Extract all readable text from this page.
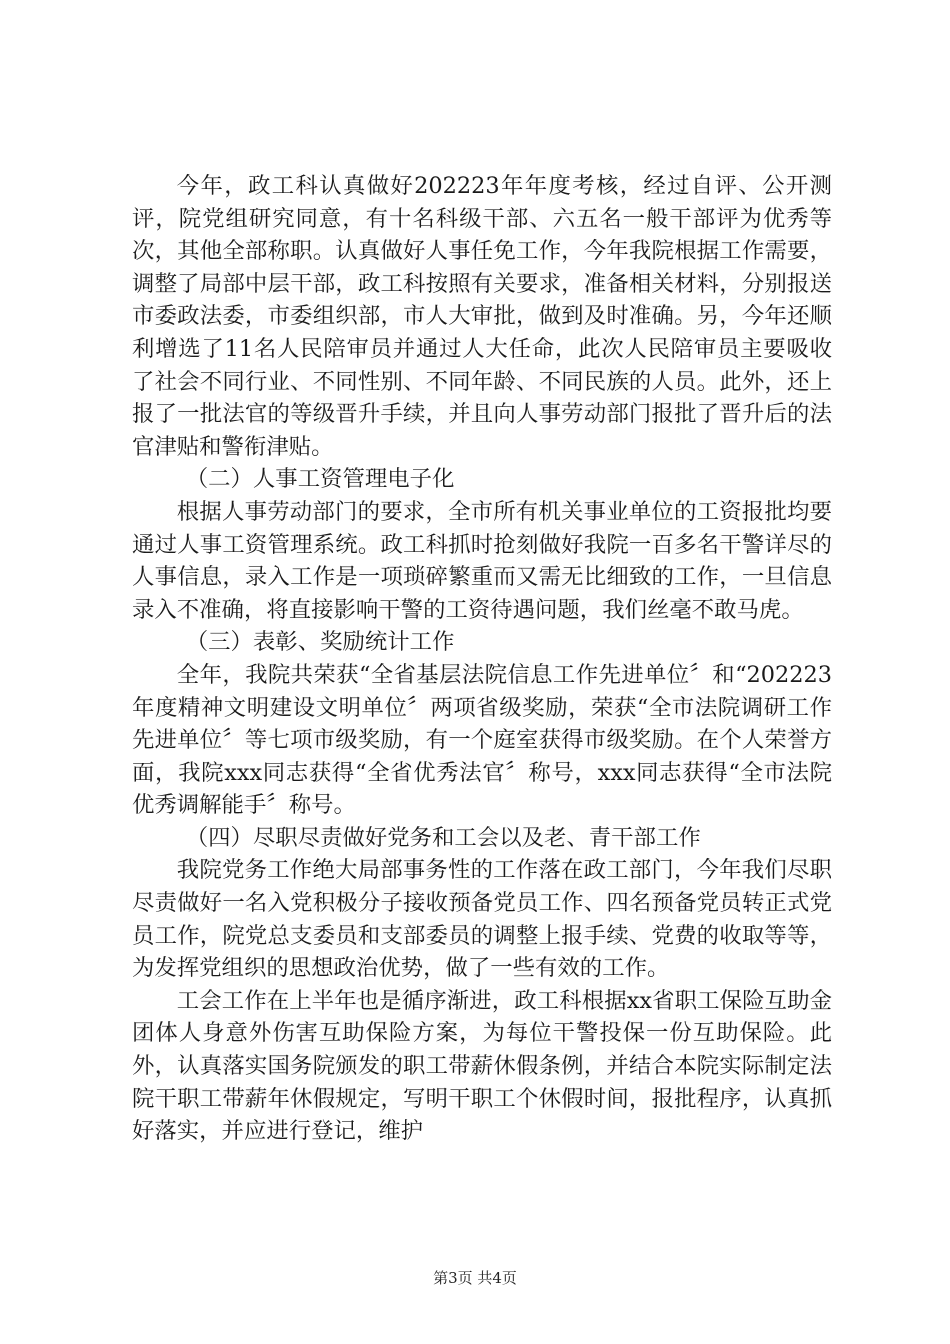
今年，政工科认真做好202223年年度考核，经过自评、公开测评，院党组研究同意，有十名科级干部、六五名一般干部评为优秀等次，其他全部称职。认真做好人事任免工作，今年我院根据工作需要，调整了局部中层干部，政工科按照有关要求，准备相关材料，分别报送市委政法委，市委组织部，市人大审批，做到及时准确。另，今年还顺利增选了11名人民陪审员并通过人大任命，此次人民陪审员主要吸收了社会不同行业、不同性别、不同年龄、不同民族的人员。此外，还上报了一批法官的等级晋升手续，并且向人事劳动部门报批了晋升后的法官津贴和警衔津贴。

（二）人事工资管理电子化

根据人事劳动部门的要求，全市所有机关事业单位的工资报批均要通过人事工资管理系统。政工科抓时抢刻做好我院一百多名干警详尽的人事信息，录入工作是一项琐碎繁重而又需无比细致的工作，一旦信息录入不准确，将直接影响干警的工资待遇问题，我们丝毫不敢马虎。

（三）表彰、奖励统计工作

全年，我院共荣获“全省基层法院信息工作先进单位〞和“202223年度精神文明建设文明单位〞两项省级奖励，荣获“全市法院调研工作先进单位〞等七项市级奖励，有一个庭室获得市级奖励。在个人荣誉方面，我院xxx同志获得“全省优秀法官〞称号，xxx同志获得“全市法院优秀调解能手〞称号。

（四）尽职尽责做好党务和工会以及老、青干部工作

我院党务工作绝大局部事务性的工作落在政工部门，今年我们尽职尽责做好一名入党积极分子接收预备党员工作、四名预备党员转正式党员工作，院党总支委员和支部委员的调整上报手续、党费的收取等等，为发挥党组织的思想政治优势，做了一些有效的工作。

工会工作在上半年也是循序渐进，政工科根据xx省职工保险互助金团体人身意外伤害互助保险方案，为每位干警投保一份互助保险。此外，认真落实国务院颁发的职工带薪休假条例，并结合本院实际制定法院干职工带薪年休假规定，写明干职工个休假时间，报批程序，认真抓好落实，并应进行登记，维护

第3页 共4页
